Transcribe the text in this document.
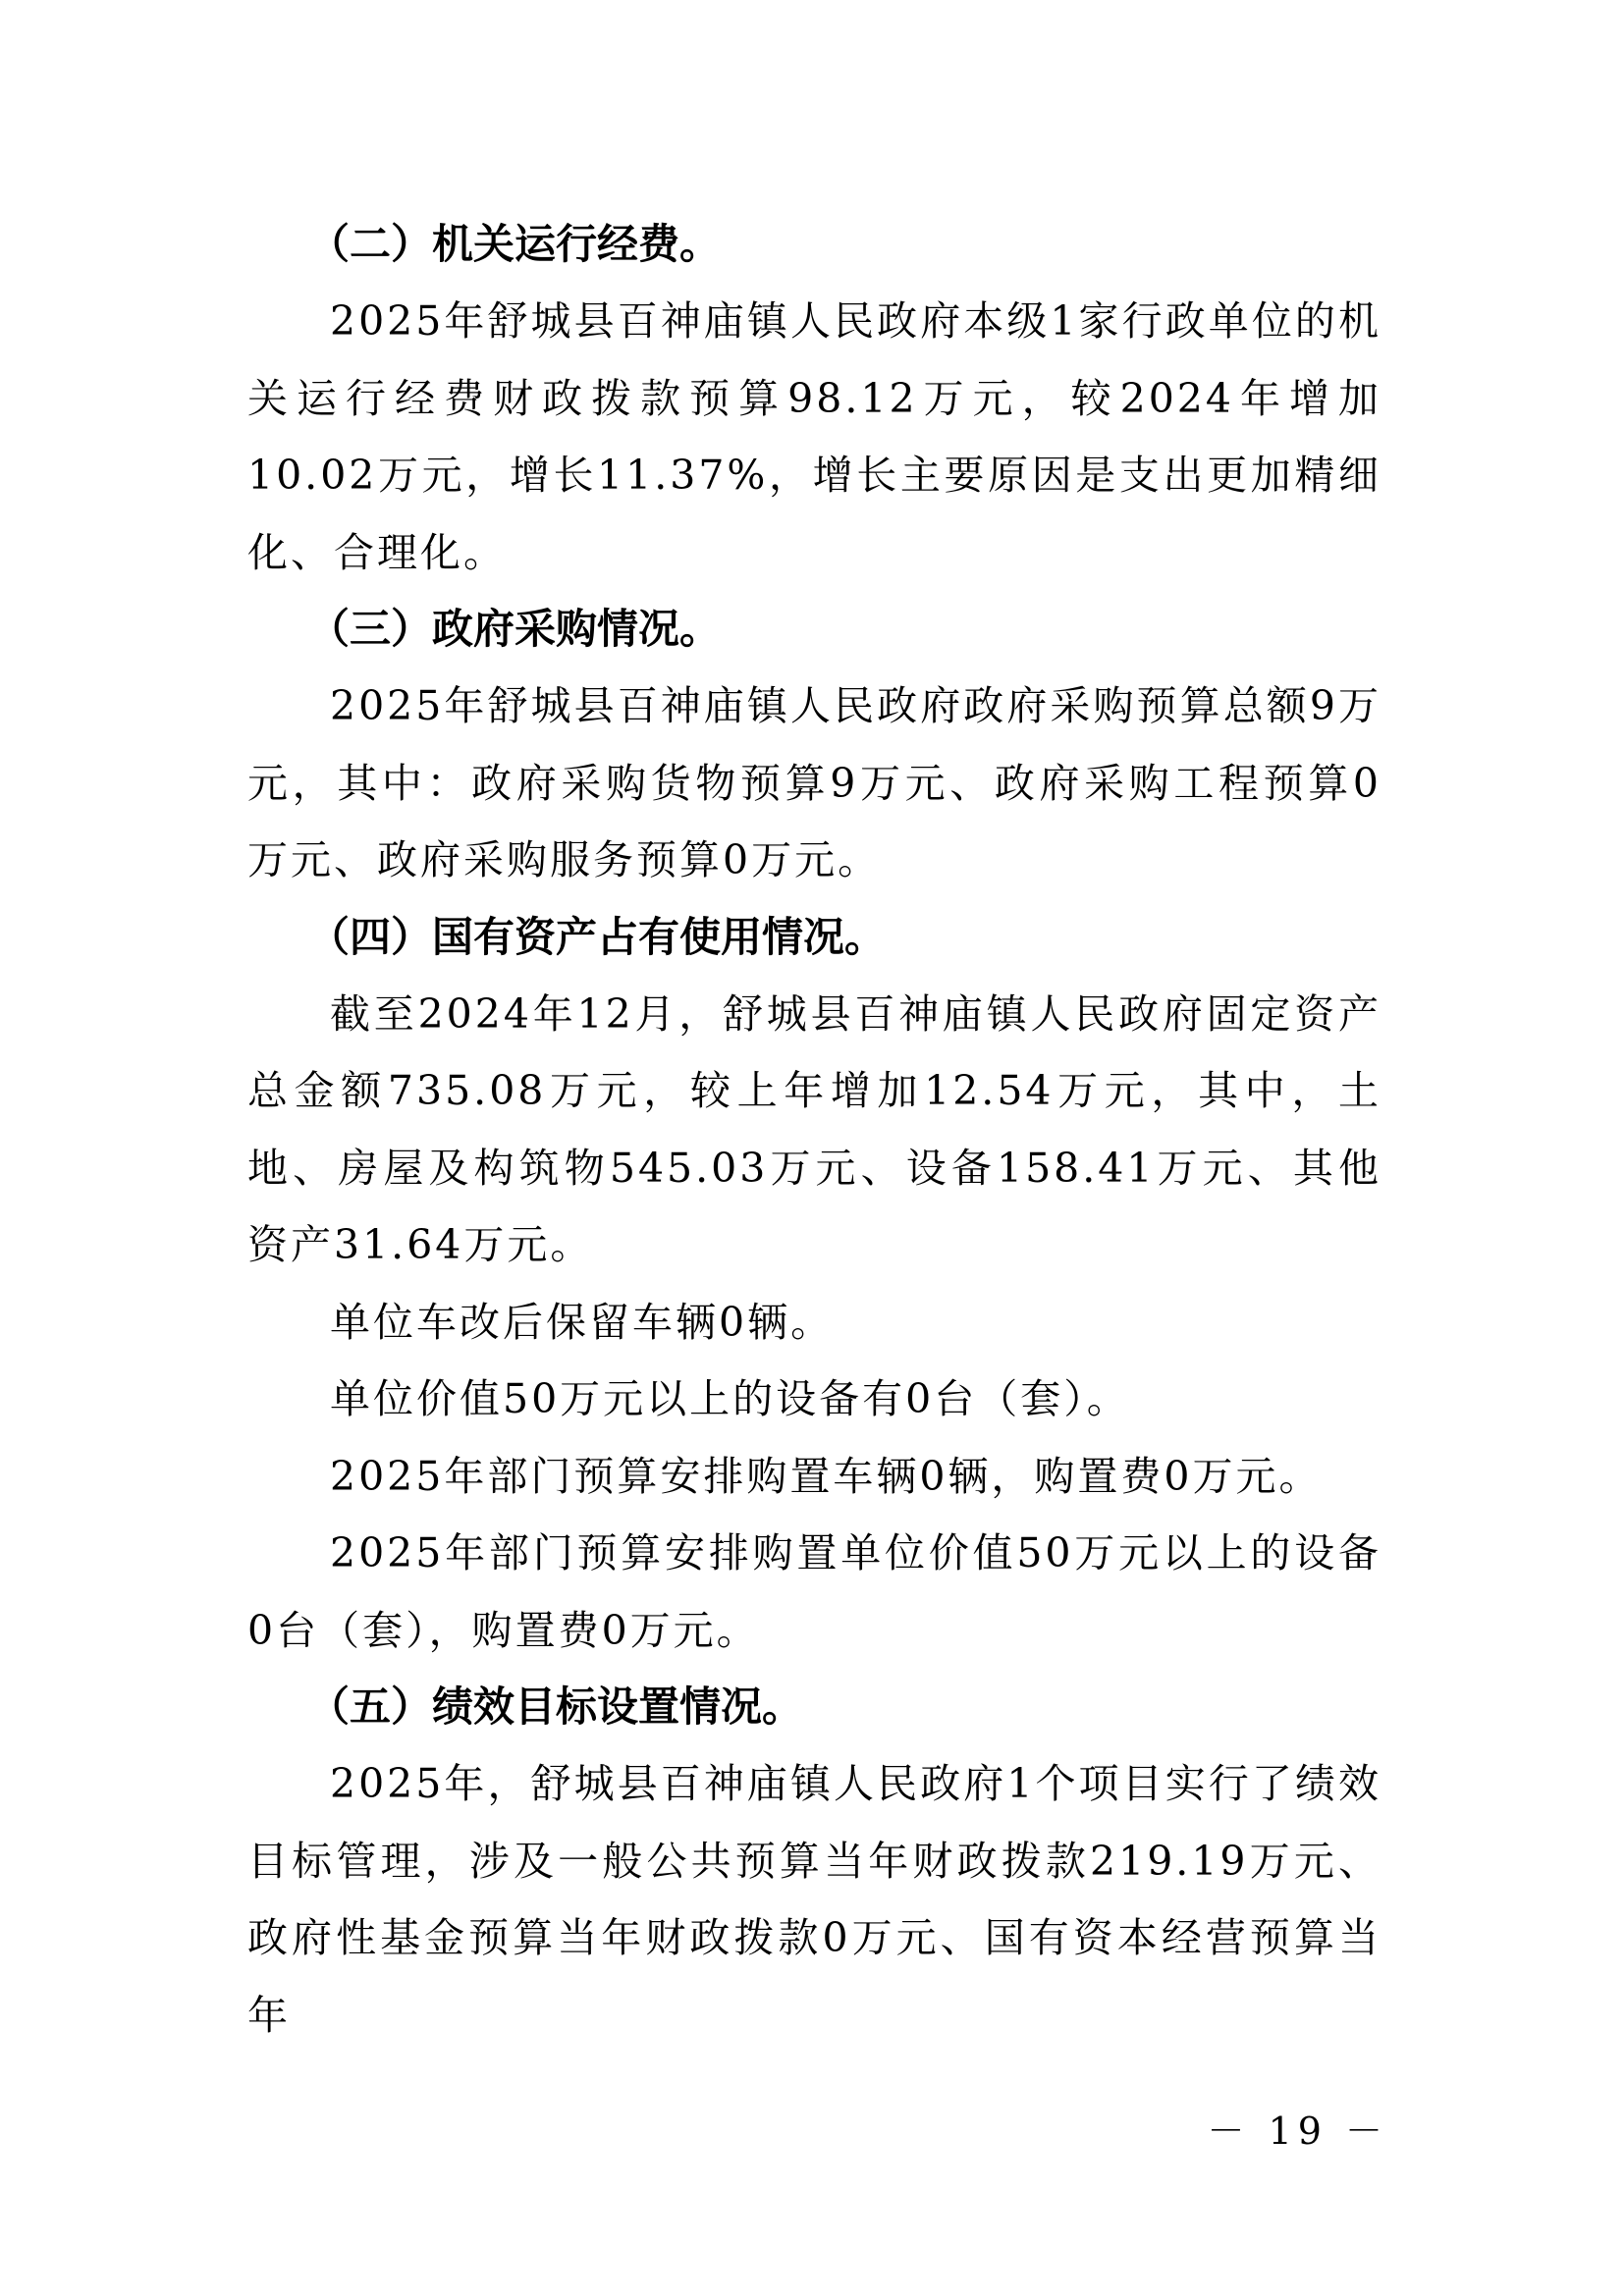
（二）机关运行经费。

2025年舒城县百神庙镇人民政府本级1家行政单位的机关运行经费财政拨款预算98.12万元，较2024年增加10.02万元，增长11.37%，增长主要原因是支出更加精细化、合理化。

（三）政府采购情况。

2025年舒城县百神庙镇人民政府政府采购预算总额9万元，其中：政府采购货物预算9万元、政府采购工程预算0万元、政府采购服务预算0万元。

（四）国有资产占有使用情况。

截至2024年12月，舒城县百神庙镇人民政府固定资产总金额735.08万元，较上年增加12.54万元，其中，土地、房屋及构筑物545.03万元、设备158.41万元、其他资产31.64万元。

单位车改后保留车辆0辆。

单位价值50万元以上的设备有0台（套）。

2025年部门预算安排购置车辆0辆，购置费0万元。

2025年部门预算安排购置单位价值50万元以上的设备0台（套），购置费0万元。

（五）绩效目标设置情况。

2025年，舒城县百神庙镇人民政府1个项目实行了绩效目标管理，涉及一般公共预算当年财政拨款219.19万元、政府性基金预算当年财政拨款0万元、国有资本经营预算当年

－ 19 －
